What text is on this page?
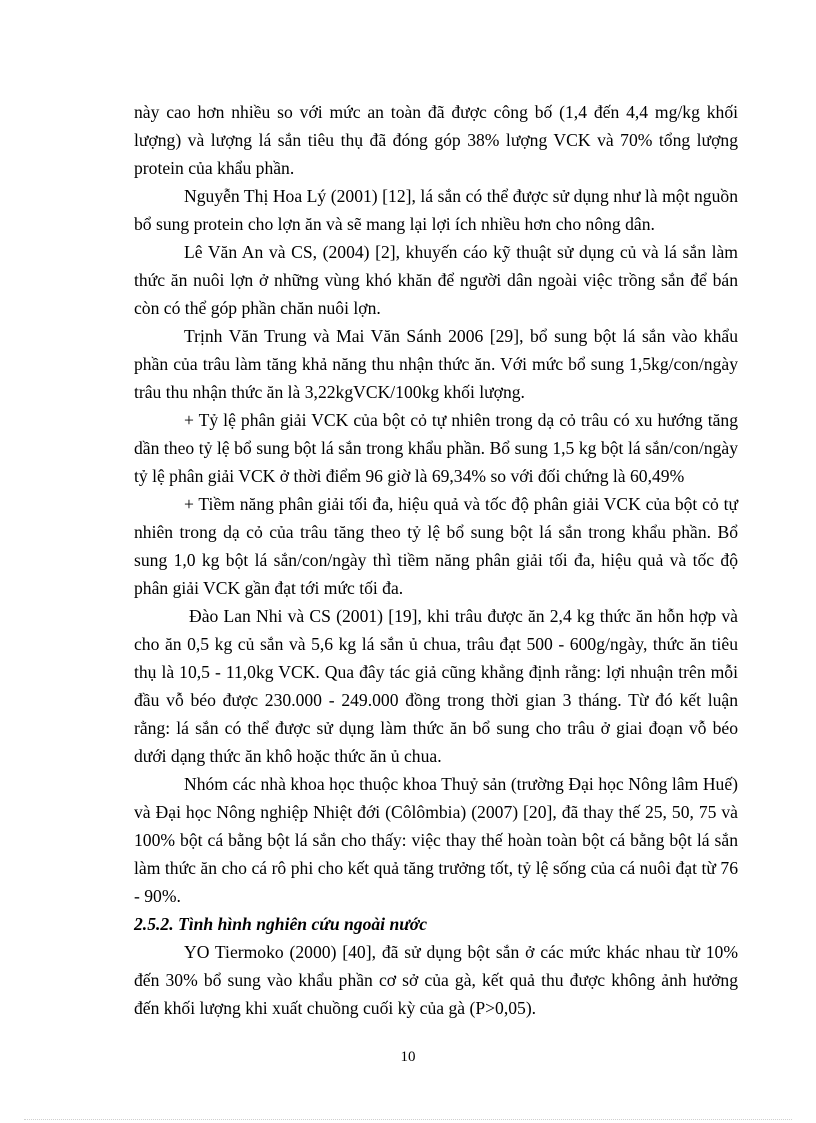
này cao hơn nhiều so với mức an toàn đã được công bố (1,4 đến 4,4 mg/kg khối lượng) và lượng lá sắn tiêu thụ đã đóng góp 38% lượng VCK và 70% tổng lượng protein của khẩu phần.

Nguyễn Thị Hoa Lý (2001) [12], lá sắn có thể được sử dụng như là một nguồn bổ sung protein cho lợn ăn và sẽ mang lại lợi ích nhiều hơn cho nông dân.

Lê Văn An và CS, (2004) [2], khuyến cáo kỹ thuật sử dụng củ và lá sắn làm thức ăn nuôi lợn ở những vùng khó khăn để người dân ngoài việc trồng sắn để bán còn có thể góp phần chăn nuôi lợn.

Trịnh Văn Trung và Mai Văn Sánh 2006 [29], bổ sung bột lá sắn vào khẩu phần của trâu làm tăng khả năng thu nhận thức ăn. Với mức bổ sung 1,5kg/con/ngày trâu thu nhận thức ăn là 3,22kgVCK/100kg khối lượng.

+ Tỷ lệ phân giải VCK của bột cỏ tự nhiên trong dạ cỏ trâu có xu hướng tăng dần theo tỷ lệ bổ sung bột lá sắn trong khẩu phần. Bổ sung 1,5 kg bột lá sắn/con/ngày tỷ lệ phân giải VCK ở thời điểm 96 giờ là 69,34% so với đối chứng là 60,49%

+ Tiềm năng phân giải tối đa, hiệu quả và tốc độ phân giải VCK của bột cỏ tự nhiên trong dạ cỏ của trâu tăng theo tỷ lệ bổ sung bột lá sắn trong khẩu phần. Bổ sung 1,0 kg bột lá sắn/con/ngày thì tiềm năng phân giải tối đa, hiệu quả và tốc độ phân giải VCK gần đạt tới mức tối đa.

Đào Lan Nhi và CS (2001) [19], khi trâu được ăn 2,4 kg thức ăn hỗn hợp và cho ăn 0,5 kg củ sắn và 5,6 kg lá sắn ủ chua, trâu đạt 500 - 600g/ngày, thức ăn tiêu thụ là 10,5 - 11,0kg VCK. Qua đây tác giả cũng khẳng định rằng: lợi nhuận trên mỗi đầu vỗ béo được 230.000 - 249.000 đồng trong thời gian 3 tháng. Từ đó kết luận rằng: lá sắn có thể được sử dụng làm thức ăn bổ sung cho trâu ở giai đoạn vỗ béo dưới dạng thức ăn khô hoặc thức ăn ủ chua.

Nhóm các nhà khoa học thuộc khoa Thuỷ sản (trường Đại học Nông lâm Huế) và Đại học Nông nghiệp Nhiệt đới (Côlômbia) (2007) [20], đã thay thế 25, 50, 75 và 100% bột cá bằng bột lá sắn cho thấy: việc thay thế hoàn toàn bột cá bằng bột lá sắn làm thức ăn cho cá rô phi cho kết quả tăng trưởng tốt, tỷ lệ sống của cá nuôi đạt từ 76 - 90%.

2.5.2. Tình hình nghiên cứu ngoài nước

YO Tiermoko (2000) [40], đã sử dụng bột sắn ở các mức khác nhau từ 10% đến 30% bổ sung vào khẩu phần cơ sở của gà, kết quả thu được không ảnh hưởng đến khối lượng khi xuất chuồng cuối kỳ của gà (P>0,05).

10
